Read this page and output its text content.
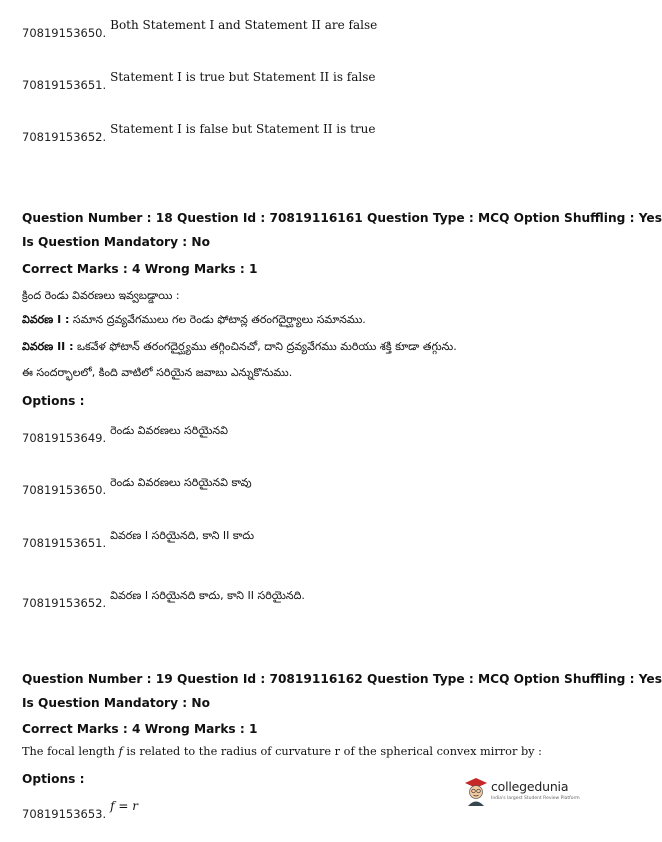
70819153650.$^{Both Statement I and Statement II are false}$
70819153651.$^{Statement I is true but Statement II is false}$
70819153652.$^{Statement I is false but Statement II is true}$
Question Number : 18 Question Id : 70819116161 Question Type : MCQ Option Shuffling : Yes
Is Question Mandatory : No
Correct Marks : 4 Wrong Marks : 1
క్రింద రెండు వివరణలు ఇవ్వబడ్డాయి :
వివరణ I : సమాన ద్రవ్యవేగములు గల రెండు ఫోటాన్ల తరంగదైర్ఘ్యాలు సమానము.
వివరణ II : ఒకవేళ ఫోటాన్ తరంగదైర్ఘ్యము తగ్గించినచో, దాని ద్రవ్యవేగము మరియు శక్తి కూడా తగ్గును.
ఈ సందర్భాలలో, కింది వాటిలో సరియైన జవాబు ఎన్నుకొనుము.
Options :
70819153649.$^{రెండు వివరణలు సరియైనవి}$
70819153650.$^{రెండు వివరణలు సరియైనవి కావు}$
70819153651.$^{వివరణ I సరియైనది, కాని II కాదు}$
70819153652.$^{వివరణ I సరియైనది కాదు, కాని II సరియైనది.}$
Question Number : 19 Question Id : 70819116162 Question Type : MCQ Option Shuffling : Yes
Is Question Mandatory : No
Correct Marks : 4 Wrong Marks : 1
The focal length f is related to the radius of curvature r of the spherical convex mirror by :
Options :
70819153653.$^{f = r}$
collegedunia
India's largest Student Review Platform
